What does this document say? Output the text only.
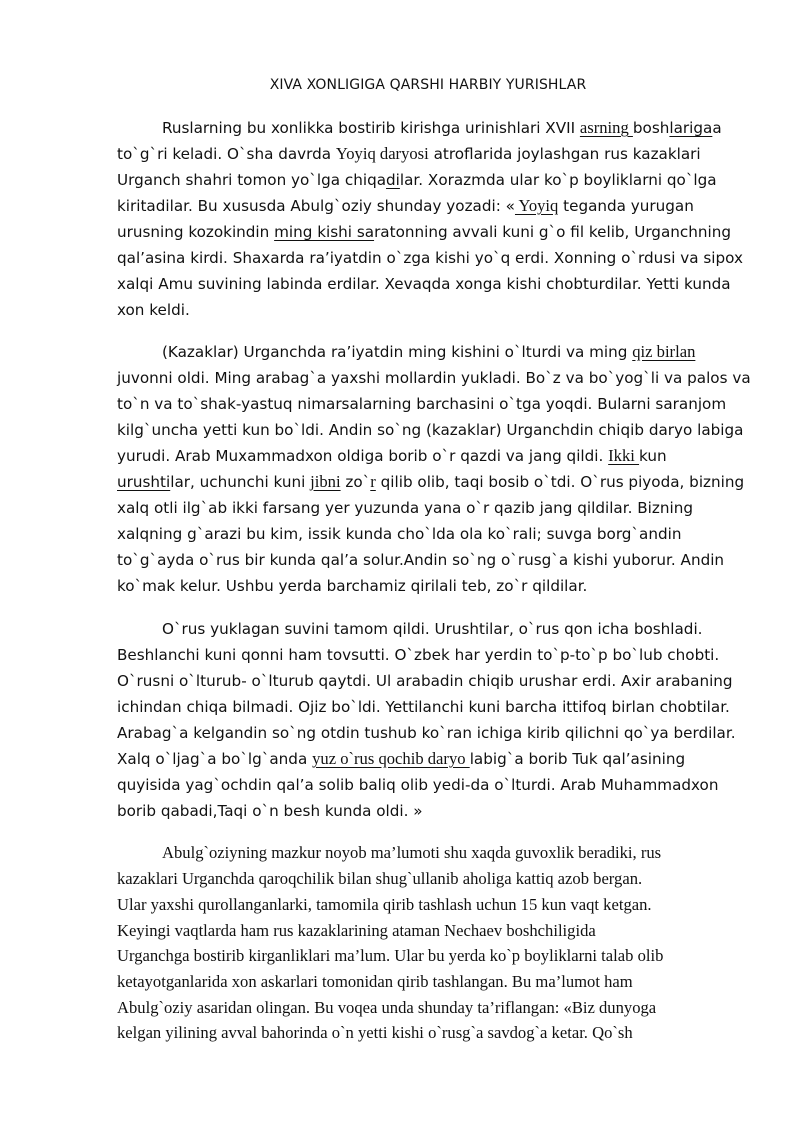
XIVA XONLIGIGA QARSHI HARBIY YURISHLAR
Ruslarning bu xonlikka bostirib kirishga urinishlari XVII asrning boshlarigaa
to`g`ri keladi. O`sha davrda Yoyiq daryosi atroflarida joylashgan rus kazaklari
Urganch shahri tomon yo`lga chiqadilar. Xorazmda ular ko`p boyliklarni qo`lga
kiritadilar. Bu xususda Abulg`oziy shunday yozadi: « Yoyiq teganda yurugan
urusning kozokindin ming kishi saratonning avvali kuni g`o fil kelib, Urganchning
qal’asina kirdi. Shaxarda ra’iyatdin o`zga kishi yo`q erdi. Xonning o`rdusi va sipox
xalqi Amu suvining labinda erdilar. Xevaqda xonga kishi chobturdilar. Yetti kunda
xon keldi.
(Kazaklar) Urganchda ra’iyatdin ming kishini o`lturdi va ming qiz birlan
juvonni oldi. Ming arabag`a yaxshi mollardin yukladi. Bo`z va bo`yog`li va palos va
to`n va to`shak-yastuq nimarsalarning barchasini o`tga yoqdi. Bularni saranjom
kilg`uncha yetti kun bo`ldi. Andin so`ng (kazaklar) Urganchdin chiqib daryo labiga
yurudi. Arab Muxammadxon oldiga borib o`r qazdi va jang qildi. Ikki kun
urushtilar, uchunchi kuni jibni zo`r qilib olib, taqi bosib o`tdi. O`rus piyoda, bizning
xalq otli ilg`ab ikki farsang yer yuzunda yana o`r qazib jang qildilar. Bizning
xalqning g`arazi bu kim, issik kunda cho`lda ola ko`rali; suvga borg`andin
to`g`ayda o`rus bir kunda qal’a solur.Andin so`ng o`rusg`a kishi yuborur. Andin
ko`mak kelur. Ushbu yerda barchamiz qirilali teb, zo`r qildilar.
O`rus yuklagan suvini tamom qildi. Urushtilar, o`rus qon icha boshladi.
Beshlanchi kuni qonni ham tovsutti. O`zbek har yerdin to`p-to`p bo`lub chobti.
O`rusni o`lturub- o`lturub qaytdi. Ul arabadin chiqib urushar erdi. Axir arabaning
ichindan chiqa bilmadi. Ojiz bo`ldi. Yettilanchi kuni barcha ittifoq birlan chobtilar.
Arabag`a kelgandin so`ng otdin tushub ko`ran ichiga kirib qilichni qo`ya berdilar.
Xalq o`ljag`a bo`lg`anda yuz o`rus qochib daryo labig`a borib Tuk qal’asining
quyisida yag`ochdin qal’a solib baliq olib yedi-da o`lturdi. Arab Muhammadxon
borib qabadi,Taqi o`n besh kunda oldi. »
Abulg`oziyning mazkur noyob ma’lumoti shu xaqda guvoxlik beradiki, rus
kazaklari Urganchda qaroqchilik bilan shug`ullanib aholiga kattiq azob bergan.
Ular yaxshi qurollanganlarki, tamomila qirib tashlash uchun 15 kun vaqt ketgan.
Keyingi vaqtlarda ham rus kazaklarining ataman Nechaev boshchiligida
Urganchga bostirib kirganliklari ma’lum. Ular bu yerda ko`p boyliklarni talab olib
ketayotganlarida xon askarlari tomonidan qirib tashlangan. Bu ma’lumot ham
Abulg`oziy asaridan olingan. Bu voqea unda shunday ta’riflangan: «Biz dunyoga
kelgan yilining avval bahorinda o`n yetti kishi o`rusg`a savdog`a ketar. Qo`sh
